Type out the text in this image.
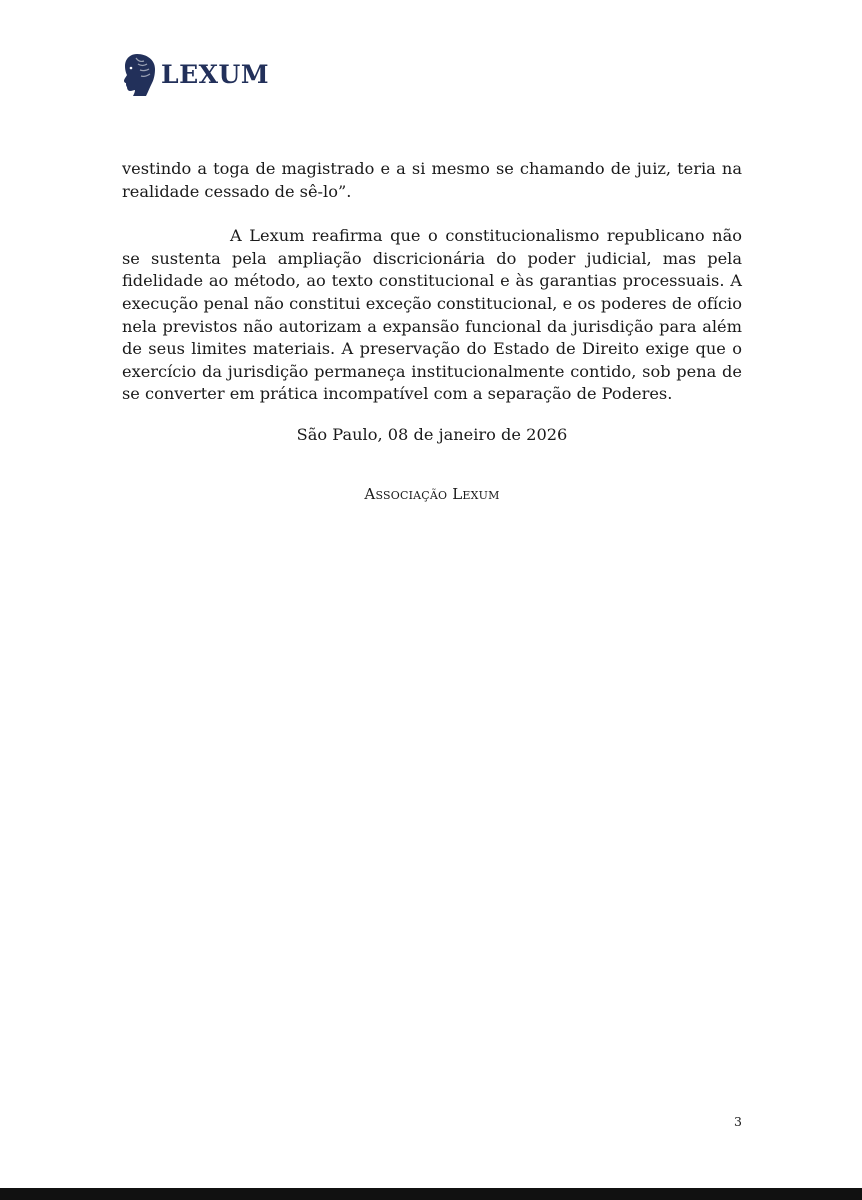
LEXUM

vestindo a toga de magistrado e a si mesmo se chamando de juiz, teria na realidade cessado de sê-lo”.

A Lexum reafirma que o constitucionalismo republicano não se sustenta pela ampliação discricionária do poder judicial, mas pela fidelidade ao método, ao texto constitucional e às garantias processuais. A execução penal não constitui exceção constitucional, e os poderes de ofício nela previstos não autorizam a expansão funcional da jurisdição para além de seus limites materiais. A preservação do Estado de Direito exige que o exercício da jurisdição permaneça institucionalmente contido, sob pena de se converter em prática incompatível com a separação de Poderes.

São Paulo, 08 de janeiro de 2026
Associação Lexum
3
